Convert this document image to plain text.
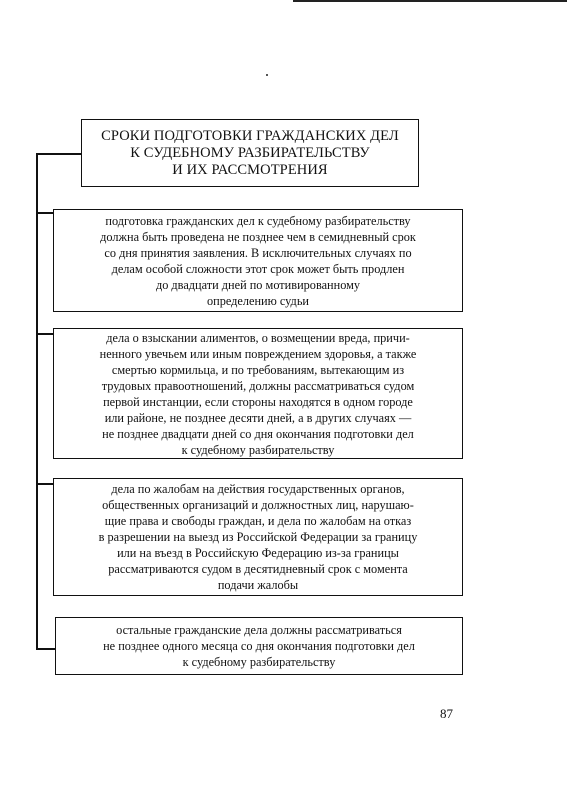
СРОКИ ПОДГОТОВКИ ГРАЖДАНСКИХ ДЕЛ
К СУДЕБНОМУ РАЗБИРАТЕЛЬСТВУ
И ИХ РАССМОТРЕНИЯ
подготовка гражданских дел к судебному разбирательству
должна быть проведена не позднее чем в семидневный срок
со дня принятия заявления. В исключительных случаях по
делам особой сложности этот срок может быть продлен
до двадцати дней по мотивированному
определению судьи
дела о взыскании алиментов, о возмещении вреда, причи-
ненного увечьем или иным повреждением здоровья, а также
смертью кормильца, и по требованиям, вытекающим из
трудовых правоотношений, должны рассматриваться судом
первой инстанции, если стороны находятся в одном городе
или районе, не позднее десяти дней, а в других случаях —
не позднее двадцати дней со дня окончания подготовки дел
к судебному разбирательству
дела по жалобам на действия государственных органов,
общественных организаций и должностных лиц, нарушаю-
щие права и свободы граждан, и дела по жалобам на отказ
в разрешении на выезд из Российской Федерации за границу
или на въезд в Российскую Федерацию из-за границы
рассматриваются судом в десятидневный срок с момента
подачи жалобы
остальные гражданские дела должны рассматриваться
не позднее одного месяца со дня окончания подготовки дел
к судебному разбирательству
87
